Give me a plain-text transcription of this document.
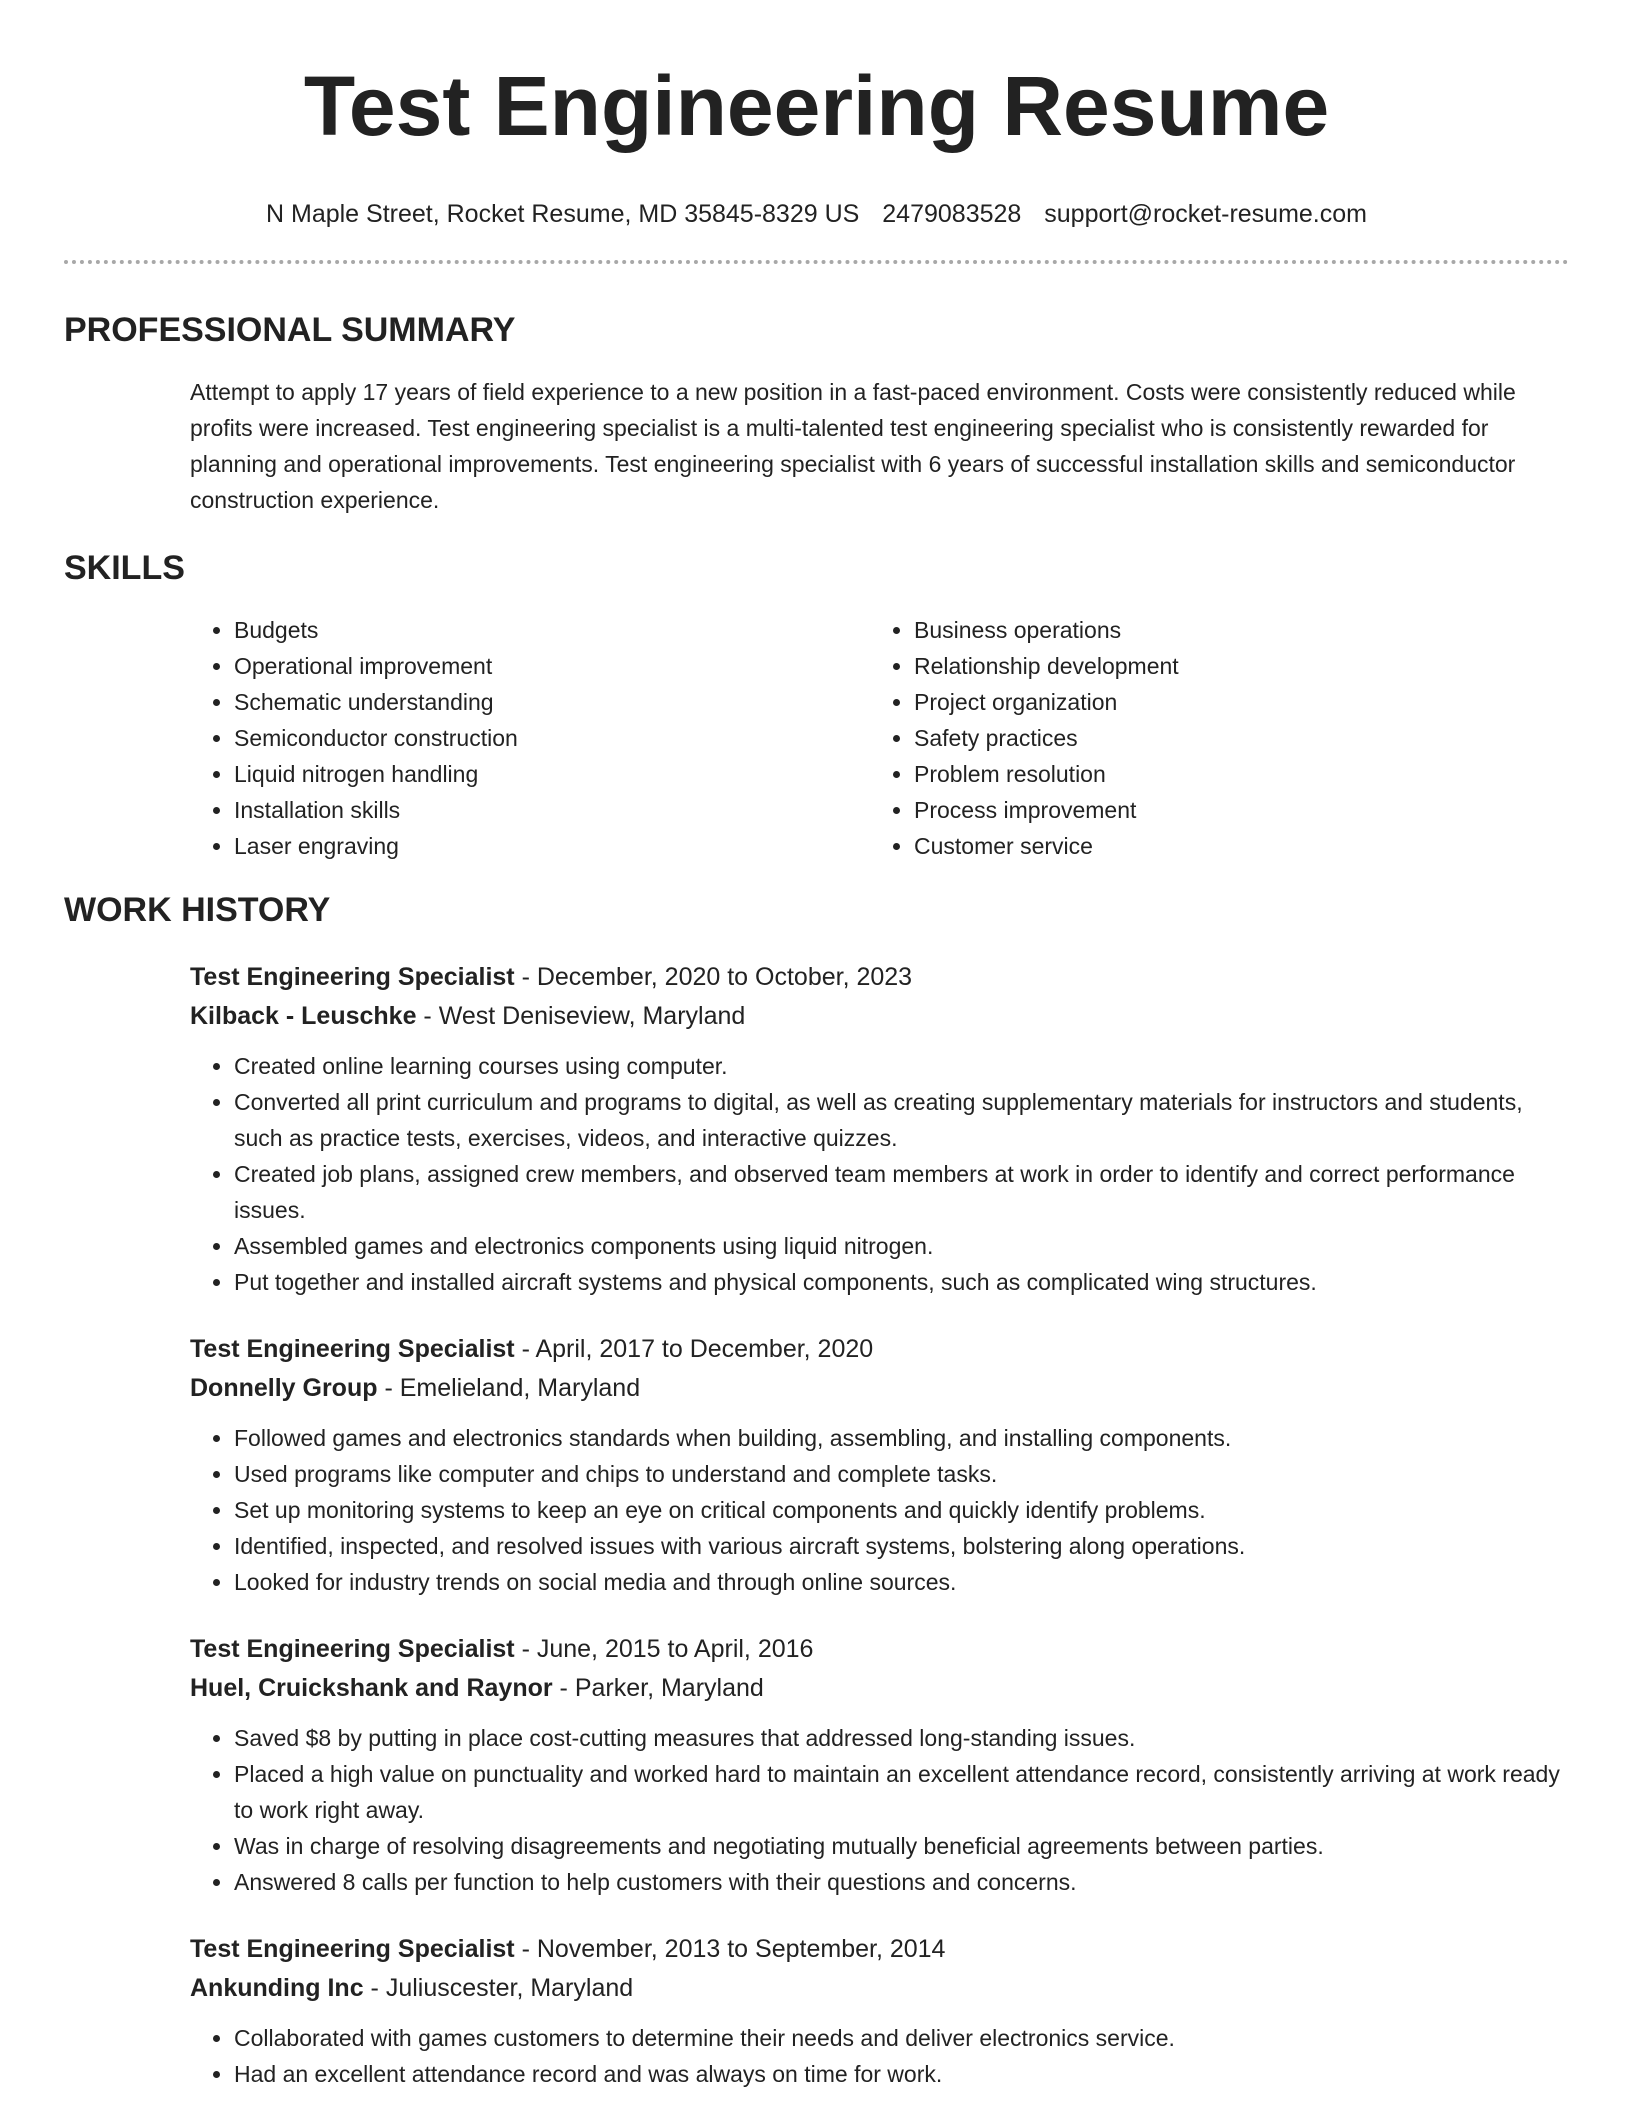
Test Engineering Resume
N Maple Street, Rocket Resume, MD 35845-8329 US 2479083528 support@rocket-resume.com
PROFESSIONAL SUMMARY
Attempt to apply 17 years of field experience to a new position in a fast-paced environment. Costs were consistently reduced while profits were increased. Test engineering specialist is a multi-talented test engineering specialist who is consistently rewarded for planning and operational improvements. Test engineering specialist with 6 years of successful installation skills and semiconductor construction experience.
SKILLS
• Budgets
• Operational improvement
• Schematic understanding
• Semiconductor construction
• Liquid nitrogen handling
• Installation skills
• Laser engraving
• Business operations
• Relationship development
• Project organization
• Safety practices
• Problem resolution
• Process improvement
• Customer service
WORK HISTORY
Test Engineering Specialist - December, 2020 to October, 2023
Kilback - Leuschke - West Deniseview, Maryland
• Created online learning courses using computer.
• Converted all print curriculum and programs to digital, as well as creating supplementary materials for instructors and students, such as practice tests, exercises, videos, and interactive quizzes.
• Created job plans, assigned crew members, and observed team members at work in order to identify and correct performance issues.
• Assembled games and electronics components using liquid nitrogen.
• Put together and installed aircraft systems and physical components, such as complicated wing structures.
Test Engineering Specialist - April, 2017 to December, 2020
Donnelly Group - Emelieland, Maryland
• Followed games and electronics standards when building, assembling, and installing components.
• Used programs like computer and chips to understand and complete tasks.
• Set up monitoring systems to keep an eye on critical components and quickly identify problems.
• Identified, inspected, and resolved issues with various aircraft systems, bolstering along operations.
• Looked for industry trends on social media and through online sources.
Test Engineering Specialist - June, 2015 to April, 2016
Huel, Cruickshank and Raynor - Parker, Maryland
• Saved $8 by putting in place cost-cutting measures that addressed long-standing issues.
• Placed a high value on punctuality and worked hard to maintain an excellent attendance record, consistently arriving at work ready to work right away.
• Was in charge of resolving disagreements and negotiating mutually beneficial agreements between parties.
• Answered 8 calls per function to help customers with their questions and concerns.
Test Engineering Specialist - November, 2013 to September, 2014
Ankunding Inc - Juliuscester, Maryland
• Collaborated with games customers to determine their needs and deliver electronics service.
• Had an excellent attendance record and was always on time for work.
